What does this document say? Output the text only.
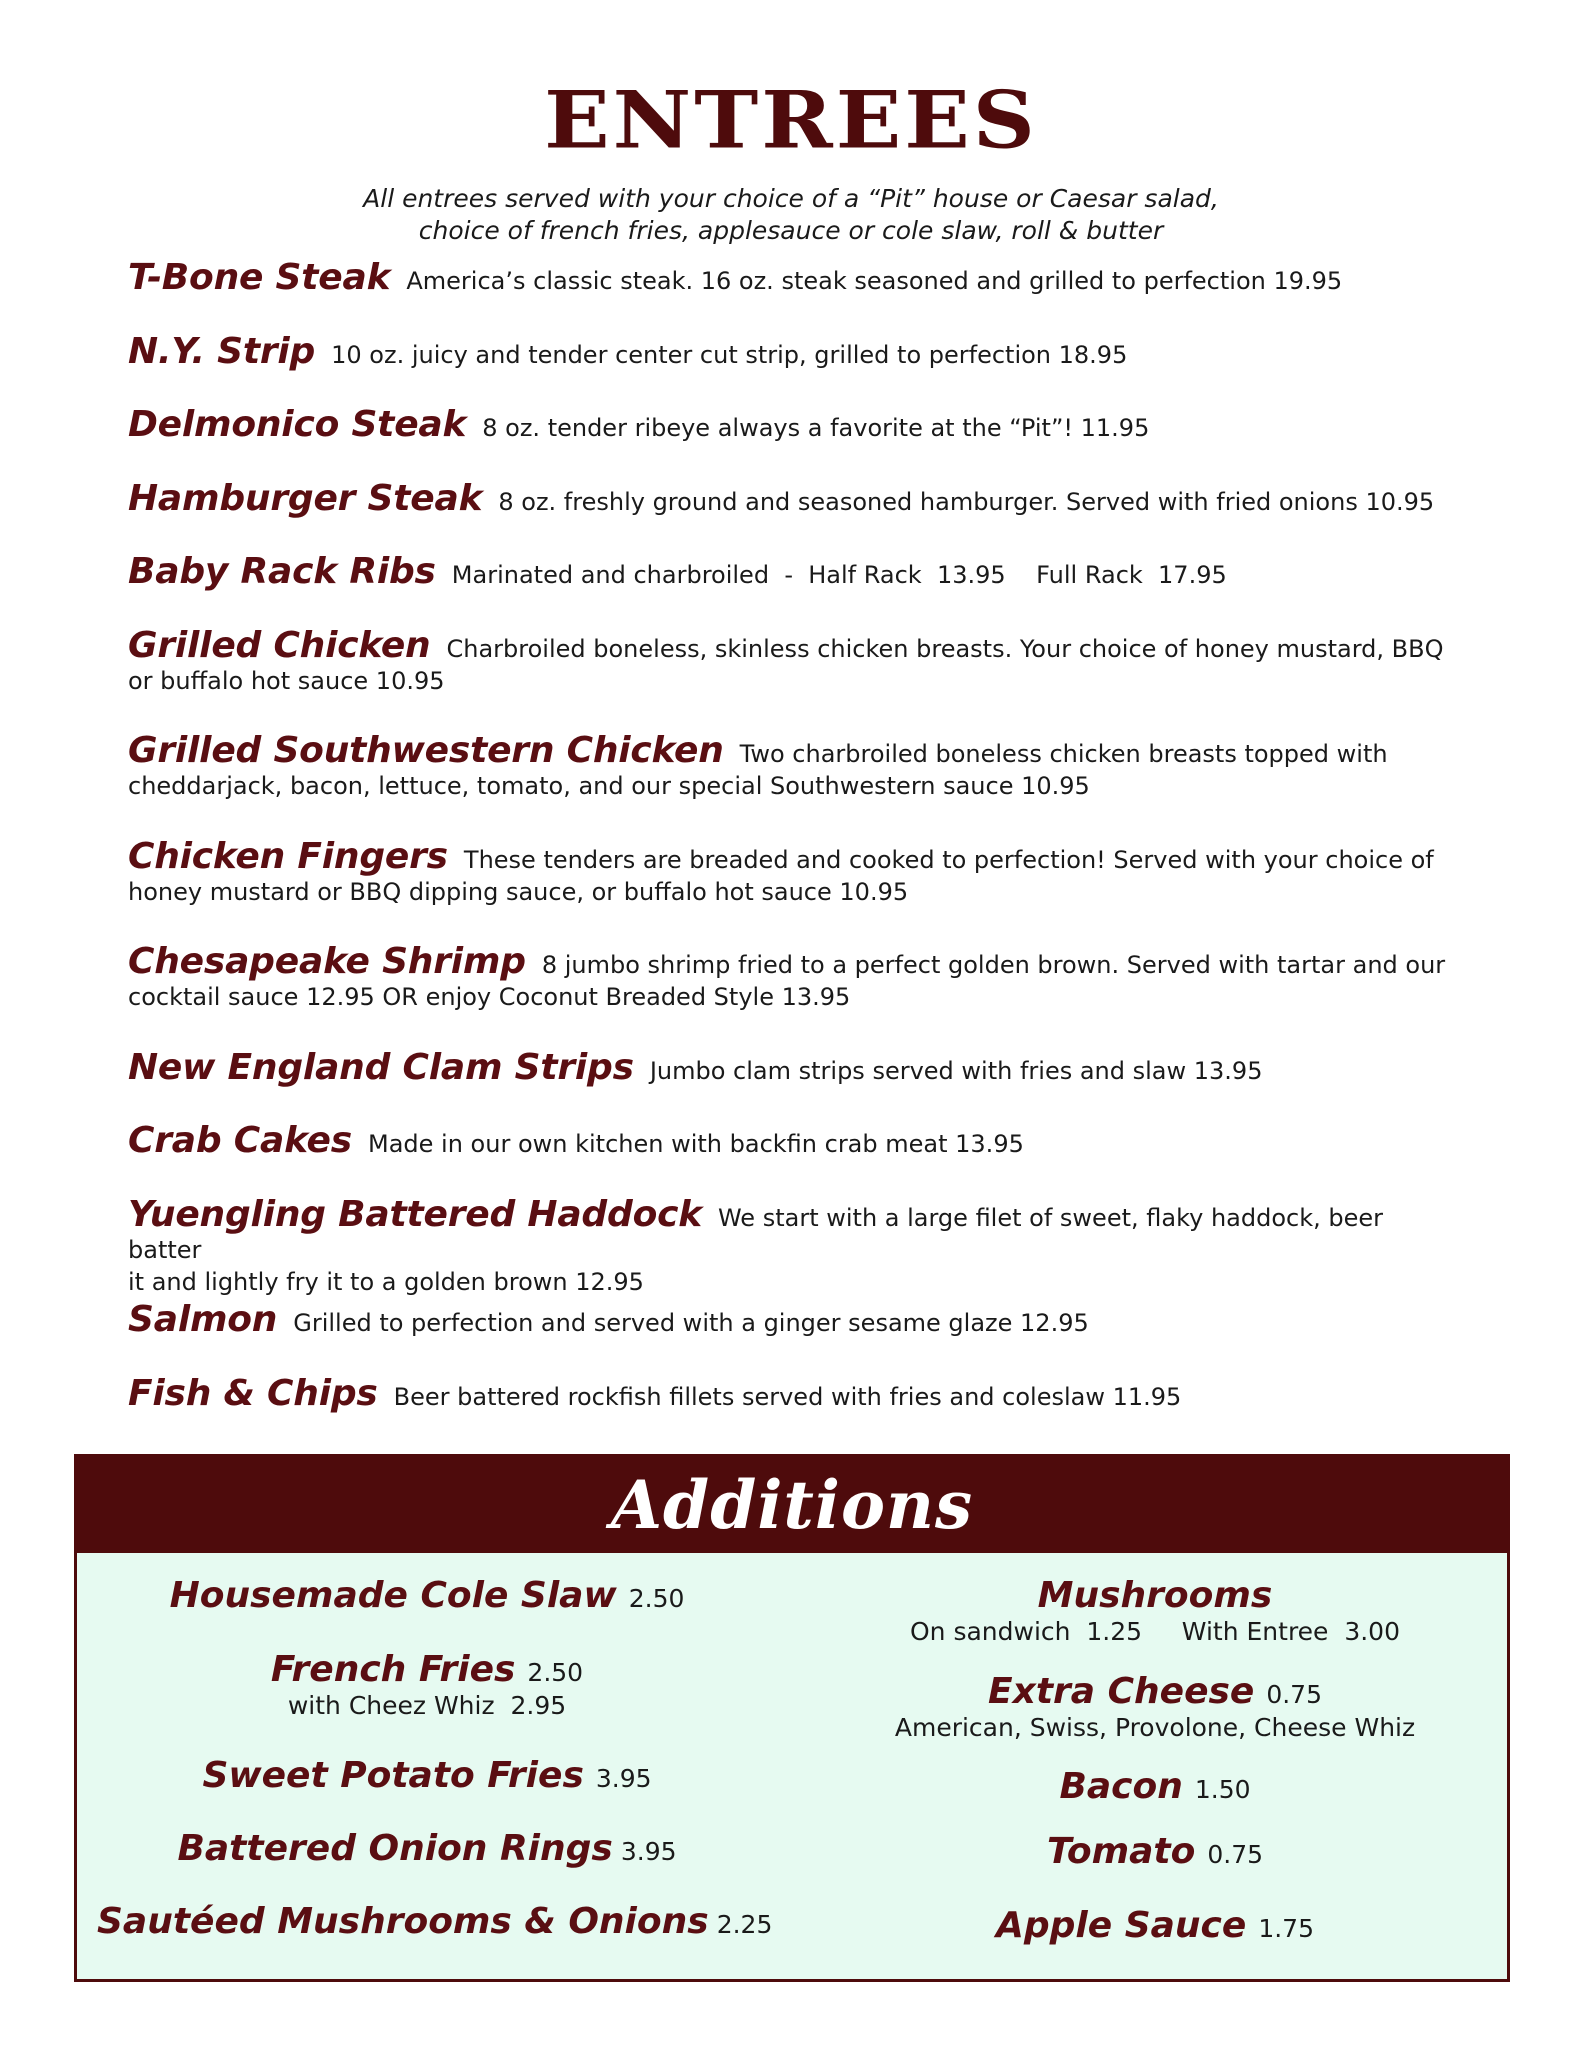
ENTREES
All entrees served with your choice of a “Pit” house or Caesar salad,
choice of french fries, applesauce or cole slaw, roll & butter
T-Bone Steak America’s classic steak. 16 oz. steak seasoned and grilled to perfection 19.95
N.Y. Strip 10 oz. juicy and tender center cut strip, grilled to perfection 18.95
Delmonico Steak 8 oz. tender ribeye always a favorite at the “Pit”! 11.95
Hamburger Steak 8 oz. freshly ground and seasoned hamburger. Served with fried onions 10.95
Baby Rack Ribs Marinated and charbroiled  -  Half Rack  13.95    Full Rack  17.95
Grilled Chicken Charbroiled boneless, skinless chicken breasts. Your choice of honey mustard, BBQ
or buffalo hot sauce 10.95
Grilled Southwestern Chicken Two charbroiled boneless chicken breasts topped with
cheddarjack, bacon, lettuce, tomato, and our special Southwestern sauce 10.95
Chicken Fingers These tenders are breaded and cooked to perfection! Served with your choice of
honey mustard or BBQ dipping sauce, or buffalo hot sauce 10.95
Chesapeake Shrimp 8 jumbo shrimp fried to a perfect golden brown. Served with tartar and our
cocktail sauce 12.95 OR enjoy Coconut Breaded Style 13.95
New England Clam Strips Jumbo clam strips served with fries and slaw 13.95
Crab Cakes Made in our own kitchen with backfin crab meat 13.95
Yuengling Battered Haddock We start with a large filet of sweet, flaky haddock, beer batter
it and lightly fry it to a golden brown 12.95
Salmon Grilled to perfection and served with a ginger sesame glaze 12.95
Fish & Chips Beer battered rockfish fillets served with fries and coleslaw 11.95
Additions
Housemade Cole Slaw 2.50
French Fries 2.50
with Cheez Whiz  2.95
Sweet Potato Fries 3.95
Battered Onion Rings 3.95
Sautéed Mushrooms & Onions 2.25
Mushrooms
On sandwich  1.25     With Entree  3.00
Extra Cheese 0.75
American, Swiss, Provolone, Cheese Whiz
Bacon 1.50
Tomato 0.75
Apple Sauce 1.75
